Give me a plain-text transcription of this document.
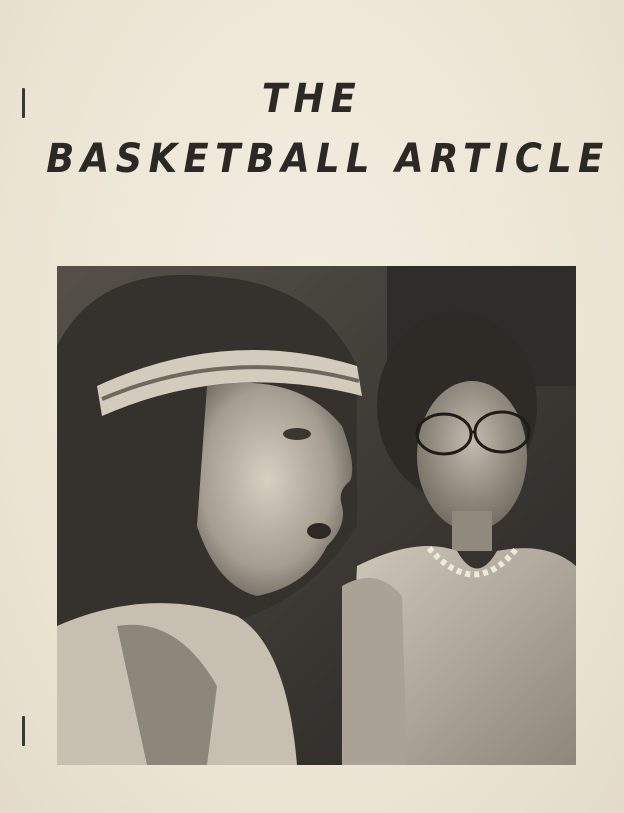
THE
BASKETBALL ARTICLE
